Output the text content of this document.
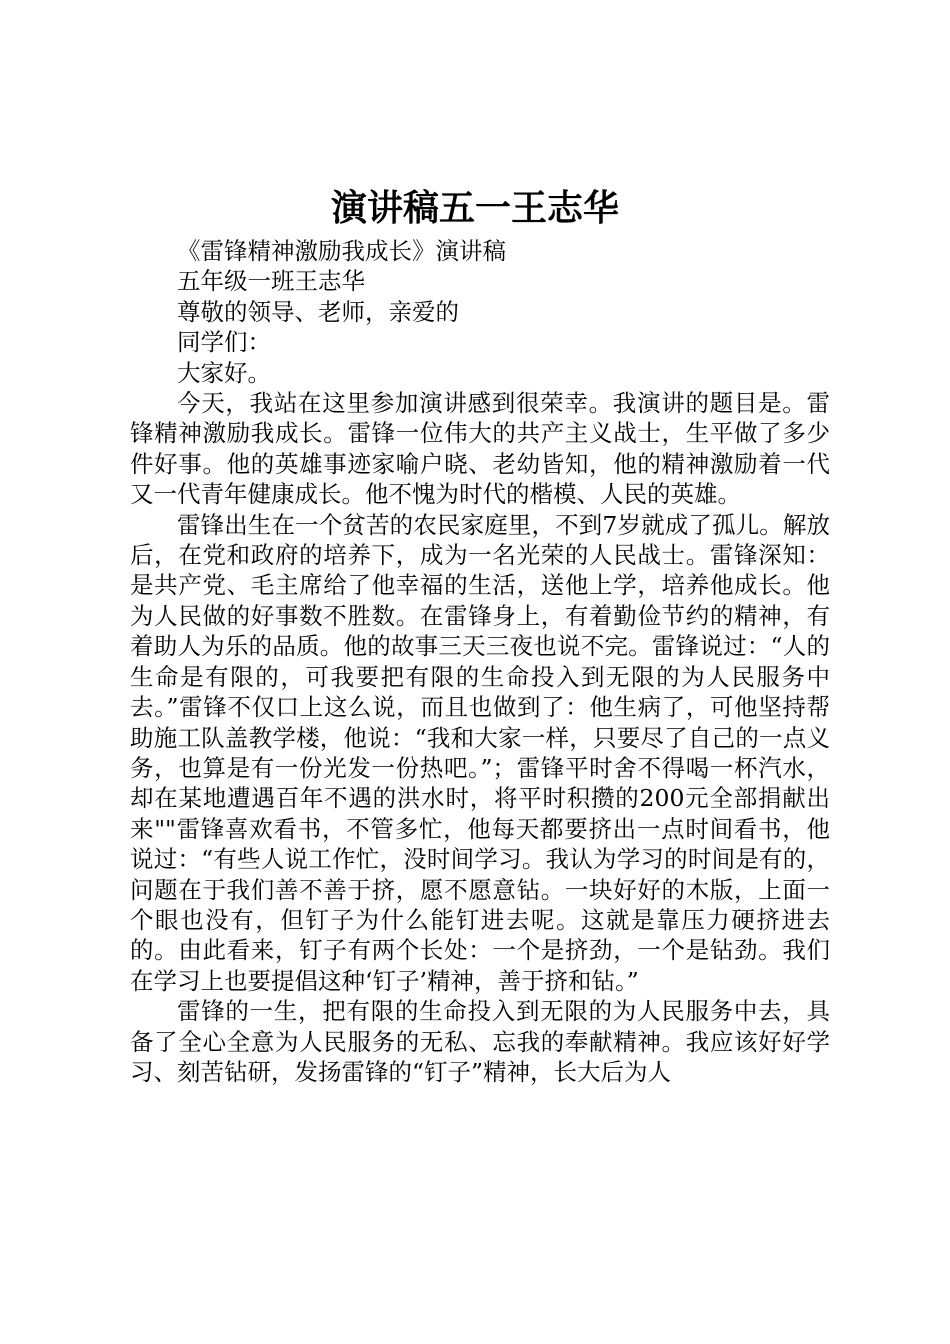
演讲稿五一王志华

《雷锋精神激励我成长》演讲稿

五年级一班王志华

尊敬的领导、老师，亲爱的

同学们：

大家好。

今天，我站在这里参加演讲感到很荣幸。我演讲的题目是。雷锋精神激励我成长。雷锋一位伟大的共产主义战士，生平做了多少件好事。他的英雄事迹家喻户晓、老幼皆知，他的精神激励着一代又一代青年健康成长。他不愧为时代的楷模、人民的英雄。

雷锋出生在一个贫苦的农民家庭里，不到7岁就成了孤儿。解放后，在党和政府的培养下，成为一名光荣的人民战士。雷锋深知：是共产党、毛主席给了他幸福的生活，送他上学，培养他成长。他为人民做的好事数不胜数。在雷锋身上，有着勤俭节约的精神，有着助人为乐的品质。他的故事三天三夜也说不完。雷锋说过：“人的生命是有限的，可我要把有限的生命投入到无限的为人民服务中去。”雷锋不仅口上这么说，而且也做到了：他生病了，可他坚持帮助施工队盖教学楼，他说：“我和大家一样，只要尽了自己的一点义务，也算是有一份光发一份热吧。”；雷锋平时舍不得喝一杯汽水，却在某地遭遇百年不遇的洪水时，将平时积攒的200元全部捐献出来""雷锋喜欢看书，不管多忙，他每天都要挤出一点时间看书，他说过：“有些人说工作忙，没时间学习。我认为学习的时间是有的，问题在于我们善不善于挤，愿不愿意钻。一块好好的木版，上面一个眼也没有，但钉子为什么能钉进去呢。这就是靠压力硬挤进去的。由此看来，钉子有两个长处：一个是挤劲，一个是钻劲。我们在学习上也要提倡这种‘钉子’精神，善于挤和钻。”

雷锋的一生，把有限的生命投入到无限的为人民服务中去，具备了全心全意为人民服务的无私、忘我的奉献精神。我应该好好学习、刻苦钻研，发扬雷锋的“钉子”精神，长大后为人
